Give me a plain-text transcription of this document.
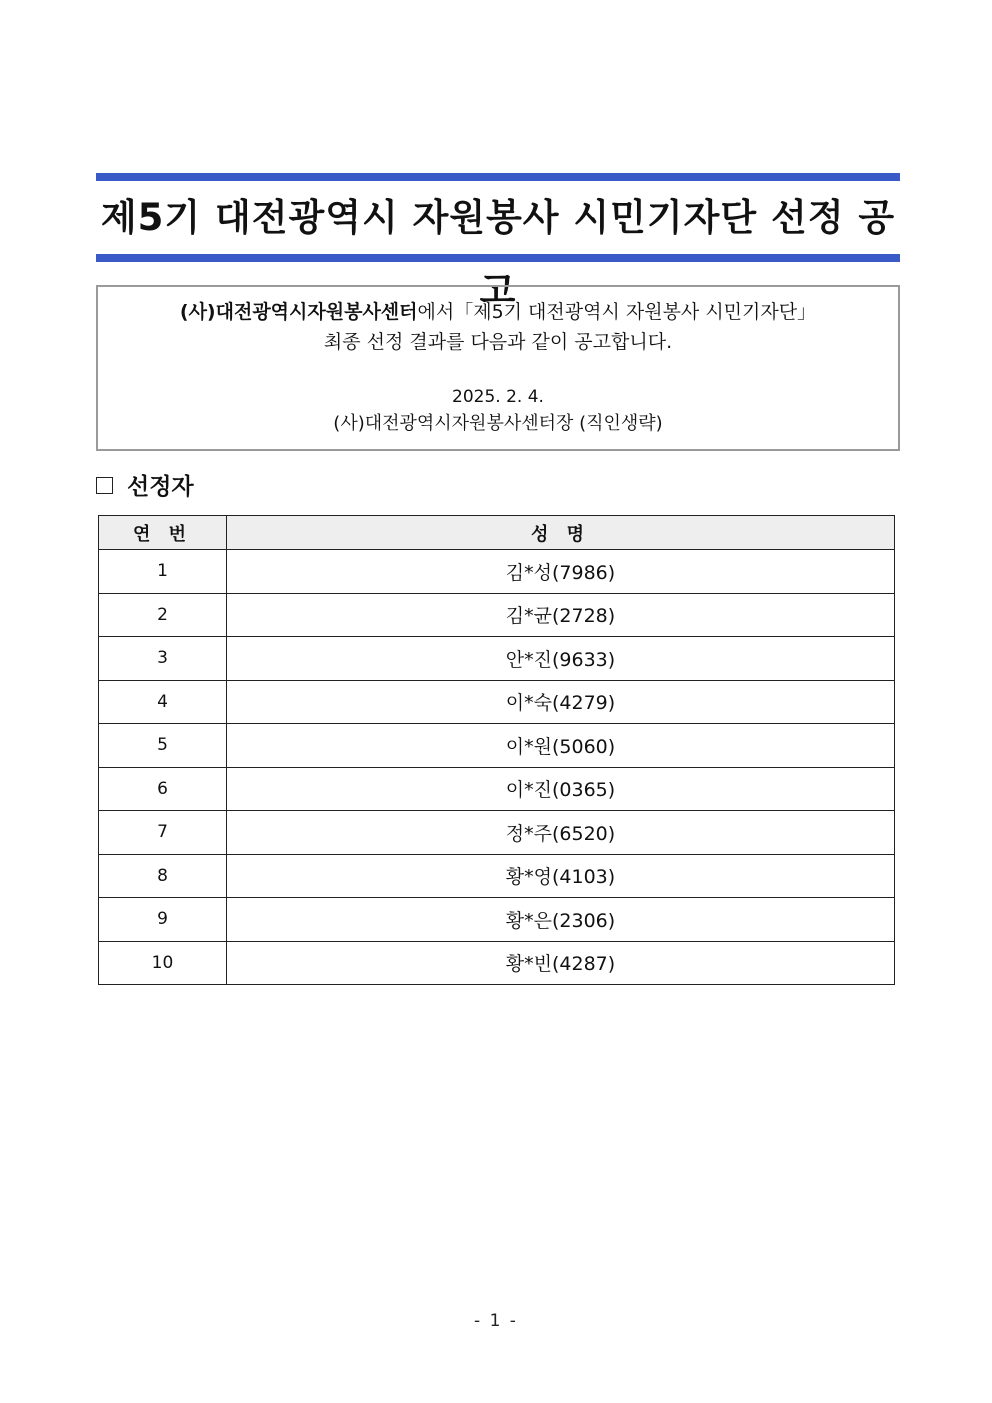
제5기 대전광역시 자원봉사 시민기자단 선정 공고
(사)대전광역시자원봉사센터에서「제5기 대전광역시 자원봉사 시민기자단」
최종 선정 결과를 다음과 같이 공고합니다.
2025. 2. 4.
(사)대전광역시자원봉사센터장 (직인생략)
선정자
연 번	성 명
1	김*성(7986)
2	김*균(2728)
3	안*진(9633)
4	이*숙(4279)
5	이*원(5060)
6	이*진(0365)
7	정*주(6520)
8	황*영(4103)
9	황*은(2306)
10	황*빈(4287)
- 1 -
